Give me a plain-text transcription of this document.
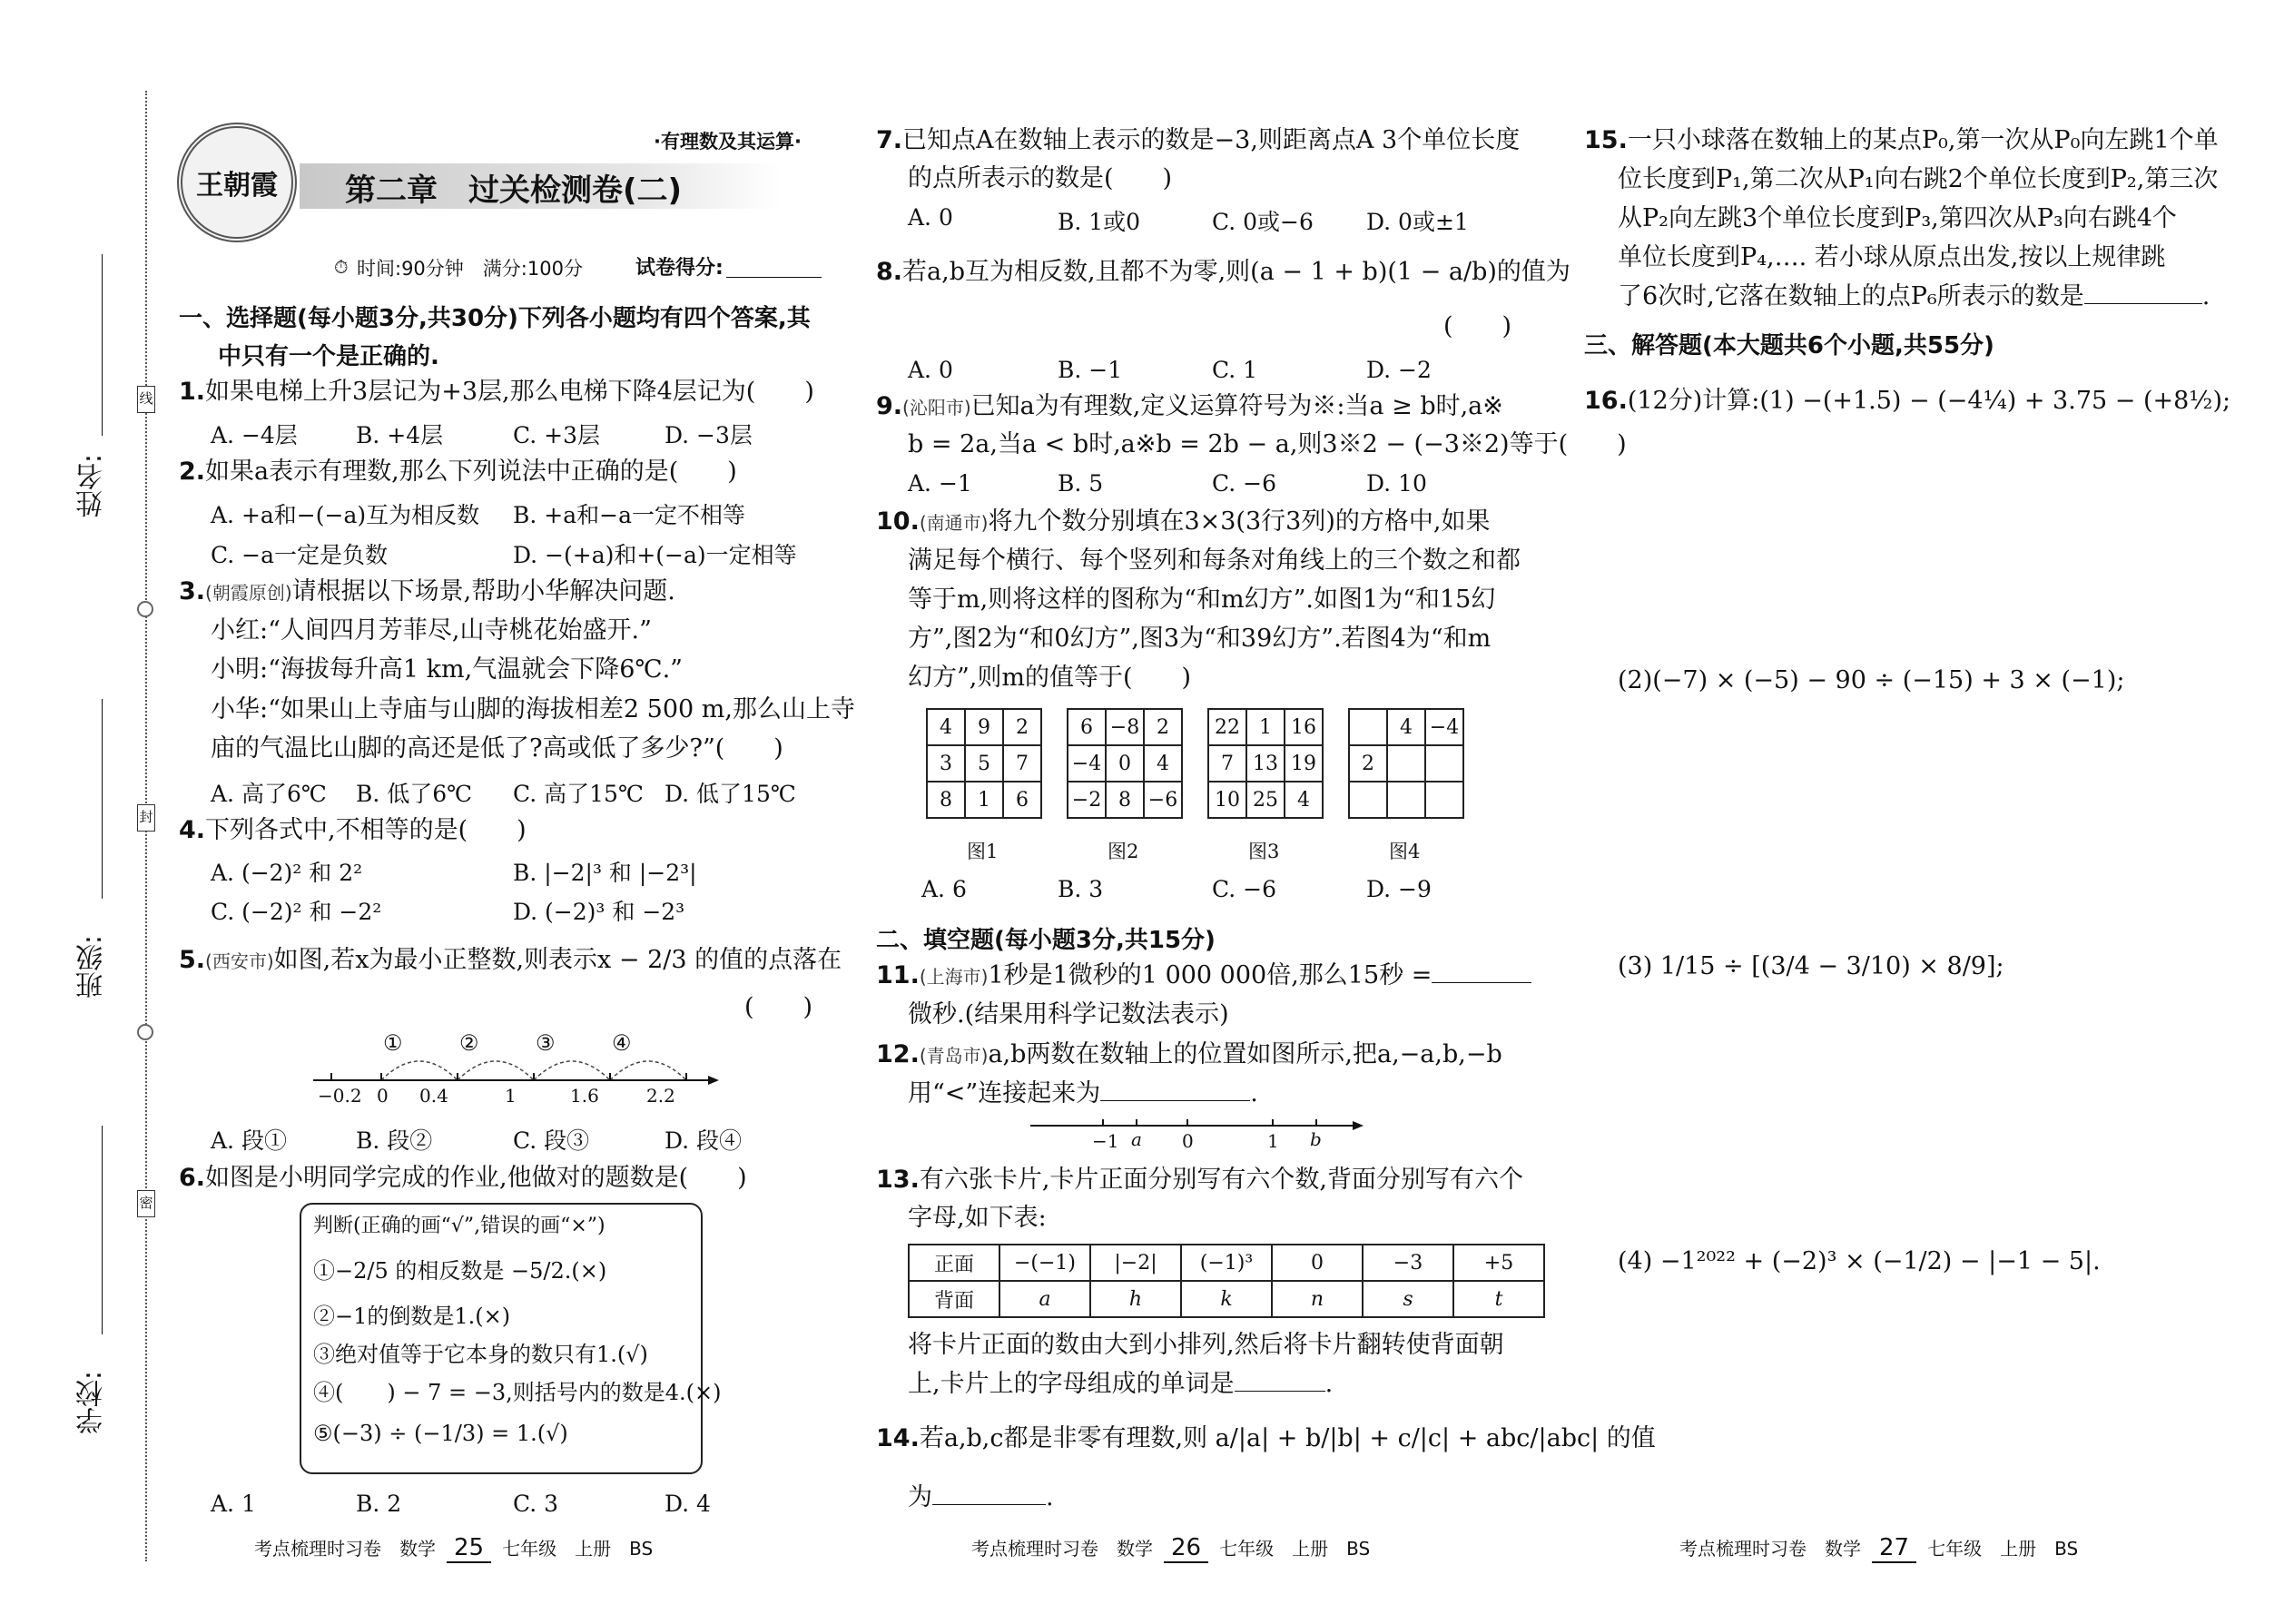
线
封
密
姓名:
班级:
学校:
王朝霞	第二章　过关检测卷(二)
·有理数及其运算·
⏱ 时间:90分钟　满分:100分	试卷得分:
一、选择题(每小题3分,共30分)下列各小题均有四个答案,其
中只有一个是正确的.
1.如果电梯上升3层记为+3层,那么电梯下降4层记为(　　)
A. −4层	B. +4层	C. +3层	D. −3层
2.如果a表示有理数,那么下列说法中正确的是(　　)
A. +a和−(−a)互为相反数 B. +a和−a一定不相等
C. −a一定是负数	D. −(+a)和+(−a)一定相等
3.(朝霞原创)请根据以下场景,帮助小华解决问题.
小红:“人间四月芳菲尽,山寺桃花始盛开.”
小明:“海拔每升高1 km,气温就会下降6℃.”
小华:“如果山上寺庙与山脚的海拔相差2 500 m,那么山上寺
庙的气温比山脚的高还是低了?高或低了多少?”(　　)
A. 高了6℃ B. 低了6℃ C. 高了15℃ D. 低了15℃
4.下列各式中,不相等的是(　　)
A. (−2)² 和 2²	B. |−2|³ 和 |−2³|
C. (−2)² 和 −2²	D. (−2)³ 和 −2³
5.(西安市)如图,若x为最小正整数,则表示x − 2/3 的值的点落在
(　　)
①	②	③	④
−0.2 0 0.4	1	1.6	2.2
A. 段①	B. 段②	C. 段③	D. 段④
6.如图是小明同学完成的作业,他做对的题数是(　　)
判断(正确的画“√”,错误的画“×”)
①−2/5 的相反数是 −5/2.(×)
②−1的倒数是1.(×)
③绝对值等于它本身的数只有1.(√)
④(　　) − 7 = −3,则括号内的数是4.(×)
⑤(−3) ÷ (−1/3) = 1.(√)
A. 1	B. 2	C. 3	D. 4
考点梳理时习卷　数学 25 七年级　上册　BS
7.已知点A在数轴上表示的数是−3,则距离点A 3个单位长度
的点所表示的数是(　　)
A. 0	B. 1或0	C. 0或−6 D. 0或±1
8.若a,b互为相反数,且都不为零,则(a − 1 + b)(1 − a/b)的值为
(　　)
A. 0	B. −1	C. 1	D. −2
9.(沁阳市)已知a为有理数,定义运算符号为※:当a ≥ b时,a※
b = 2a,当a < b时,a※b = 2b − a,则3※2 − (−3※2)等于(　　)
A. −1	B. 5	C. −6	D. 10
10.(南通市)将九个数分别填在3×3(3行3列)的方格中,如果
满足每个横行、每个竖列和每条对角线上的三个数之和都
等于m,则将这样的图称为“和m幻方”.如图1为“和15幻
方”,图2为“和0幻方”,图3为“和39幻方”.若图4为“和m
幻方”,则m的值等于(　　)
4	9	2
3	5	7
8	1	6
6	−8	2
−4	0	4
−2	8	−6
22	1	16
7	13	19
10	25	4
	4	−4
2		

图1	图2	图3	图4
A. 6	B. 3	C. −6	D. −9
二、填空题(每小题3分,共15分)
11.(上海市)1秒是1微秒的1 000 000倍,那么15秒 =
微秒.(结果用科学记数法表示)
12.(青岛市)a,b两数在数轴上的位置如图所示,把a,−a,b,−b
用“<”连接起来为	.
−1 a 0	1 b
13.有六张卡片,卡片正面分别写有六个数,背面分别写有六个
字母,如下表:
正面	−(−1)	|−2|	(−1)³	0	−3	+5
背面	a	h	k	n	s	t
将卡片正面的数由大到小排列,然后将卡片翻转使背面朝
上,卡片上的字母组成的单词是	.
14.若a,b,c都是非零有理数,则 a/|a| + b/|b| + c/|c| + abc/|abc| 的值
为	.
考点梳理时习卷　数学 26 七年级　上册　BS
15.一只小球落在数轴上的某点P₀,第一次从P₀向左跳1个单
位长度到P₁,第二次从P₁向右跳2个单位长度到P₂,第三次
从P₂向左跳3个单位长度到P₃,第四次从P₃向右跳4个
单位长度到P₄,…. 若小球从原点出发,按以上规律跳
了6次时,它落在数轴上的点P₆所表示的数是	.
三、解答题(本大题共6个小题,共55分)
16.(12分)计算:(1) −(+1.5) − (−4¼) + 3.75 − (+8½);
(2)(−7) × (−5) − 90 ÷ (−15) + 3 × (−1);
(3) 1/15 ÷ [(3/4 − 3/10) × 8/9];
(4) −1²⁰²² + (−2)³ × (−1/2) − |−1 − 5|.
考点梳理时习卷　数学 27 七年级　上册　BS
